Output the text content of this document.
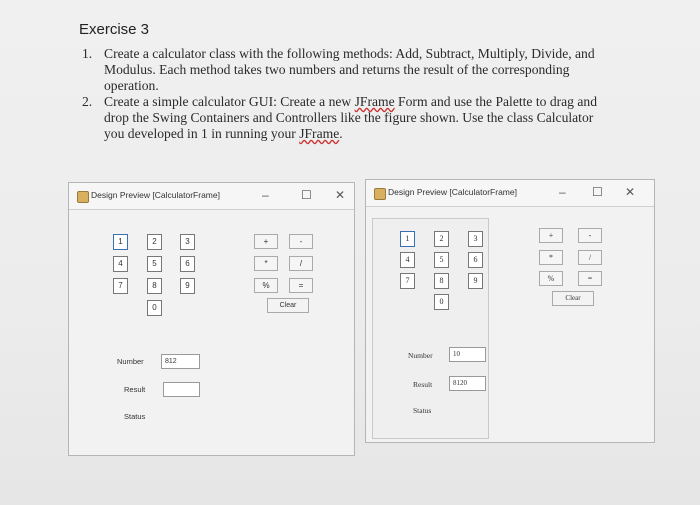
Exercise 3
1. Create a calculator class with the following methods: Add, Subtract, Multiply, Divide, and Modulus. Each method takes two numbers and returns the result of the corresponding operation.
2. Create a simple calculator GUI: Create a new JFrame Form and use the Palette to drag and drop the Swing Containers and Controllers like the figure shown. Use the class Calculator you developed in 1 in running your JFrame.
Design Preview [CalculatorFrame]	–	☐ ✕
1	2	3
4	5	6
7	8	9
0
+	-
*	/
%	=
Clear
Number	812
Result
Status
Design Preview [CalculatorFrame]	– ☐ ✕
1	2	3
4	5	6
7	8	9
0
Number	10
Result	8120
Status
+	-
*	/
%	=
Clear
